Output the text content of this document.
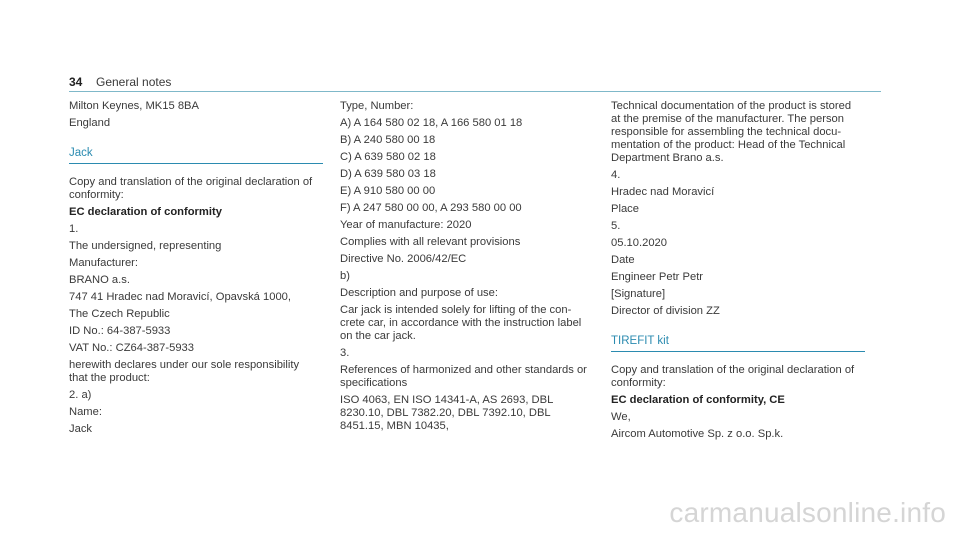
34 General notes

Milton Keynes, MK15 8BA

England

Jack

Copy and translation of the original declaration of
conformity:

EC declaration of conformity

1.

The undersigned, representing

Manufacturer:

BRANO a.s.

747 41 Hradec nad Moravicí, Opavská 1000,

The Czech Republic

ID No.: 64-387-5933

VAT No.: CZ64-387-5933

herewith declares under our sole responsibility
that the product:

2. a)

Name:

Jack

Type, Number:

A) A 164 580 02 18, A 166 580 01 18

B) A 240 580 00 18

C) A 639 580 02 18

D) A 639 580 03 18

E) A 910 580 00 00

F) A 247 580 00 00, A 293 580 00 00

Year of manufacture: 2020

Complies with all relevant provisions

Directive No. 2006/42/EC

b)

Description and purpose of use:

Car jack is intended solely for lifting of the con-
crete car, in accordance with the instruction label
on the car jack.

3.

References of harmonized and other standards or
specifications

ISO 4063, EN ISO 14341-A, AS 2693, DBL
8230.10, DBL 7382.20, DBL 7392.10, DBL
8451.15, MBN 10435,

Technical documentation of the product is stored
at the premise of the manufacturer. The person
responsible for assembling the technical docu-
mentation of the product: Head of the Technical
Department Brano a.s.

4.

Hradec nad Moravicí

Place

5.

05.10.2020

Date

Engineer Petr Petr

[Signature]

Director of division ZZ

TIREFIT kit

Copy and translation of the original declaration of
conformity:

EC declaration of conformity, CE

We,

Aircom Automotive Sp. z o.o. Sp.k.

carmanualsonline.info
